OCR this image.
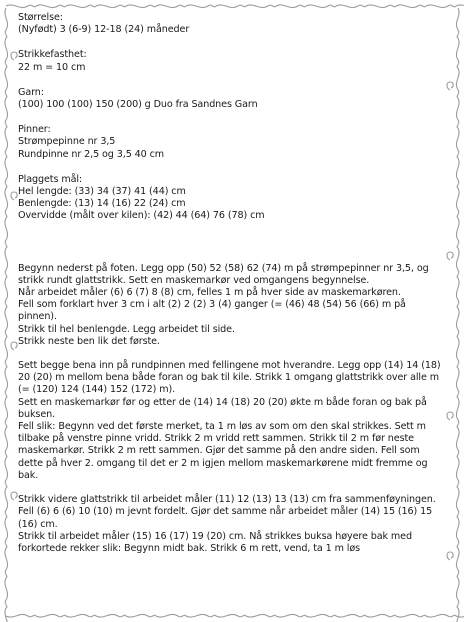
Størrelse:
(Nyfødt) 3 (6-9) 12-18 (24) måneder
Strikkefasthet:
22 m = 10 cm
Garn:
(100) 100 (100) 150 (200) g Duo fra Sandnes Garn
Pinner:
Strømpepinne nr 3,5
Rundpinne nr 2,5 og 3,5 40 cm
Plaggets mål:
Hel lengde: (33) 34 (37) 41 (44) cm
Benlengde: (13) 14 (16) 22 (24) cm
Overvidde (målt over kilen): (42) 44 (64) 76 (78) cm
Begynn nederst på foten. Legg opp (50) 52 (58) 62 (74) m på strømpepinner nr 3,5, og strikk rundt glattstrikk. Sett en maskemarkør ved omgangens begynnelse.
Når arbeidet måler (6) 6 (7) 8 (8) cm, felles 1 m på hver side av maskemarkøren.
Fell som forklart hver 3 cm i alt (2) 2 (2) 3 (4) ganger (= (46) 48 (54) 56 (66) m på pinnen).
Strikk til hel benlengde. Legg arbeidet til side.
Strikk neste ben lik det første.
Sett begge bena inn på rundpinnen med fellingene mot hverandre. Legg opp (14) 14 (18) 20 (20) m mellom bena både foran og bak til kile. Strikk 1 omgang glattstrikk over alle m (= (120) 124 (144) 152 (172) m).
Sett en maskemarkør før og etter de (14) 14 (18) 20 (20) økte m både foran og bak på buksen.
Fell slik: Begynn ved det første merket, ta 1 m løs av som om den skal strikkes. Sett m tilbake på venstre pinne vridd. Strikk 2 m vridd rett sammen. Strikk til 2 m før neste maskemarkør. Strikk 2 m rett sammen. Gjør det samme på den andre siden. Fell som dette på hver 2. omgang til det er 2 m igjen mellom maskemarkørene midt fremme og bak.
Strikk videre glattstrikk til arbeidet måler (11) 12 (13) 13 (13) cm fra sammenføyningen.
Fell (6) 6 (6) 10 (10) m jevnt fordelt. Gjør det samme når arbeidet måler (14) 15 (16) 15 (16) cm.
Strikk til arbeidet måler (15) 16 (17) 19 (20) cm. Nå strikkes buksa høyere bak med forkortede rekker slik: Begynn midt bak. Strikk 6 m rett, vend, ta 1 m løs
